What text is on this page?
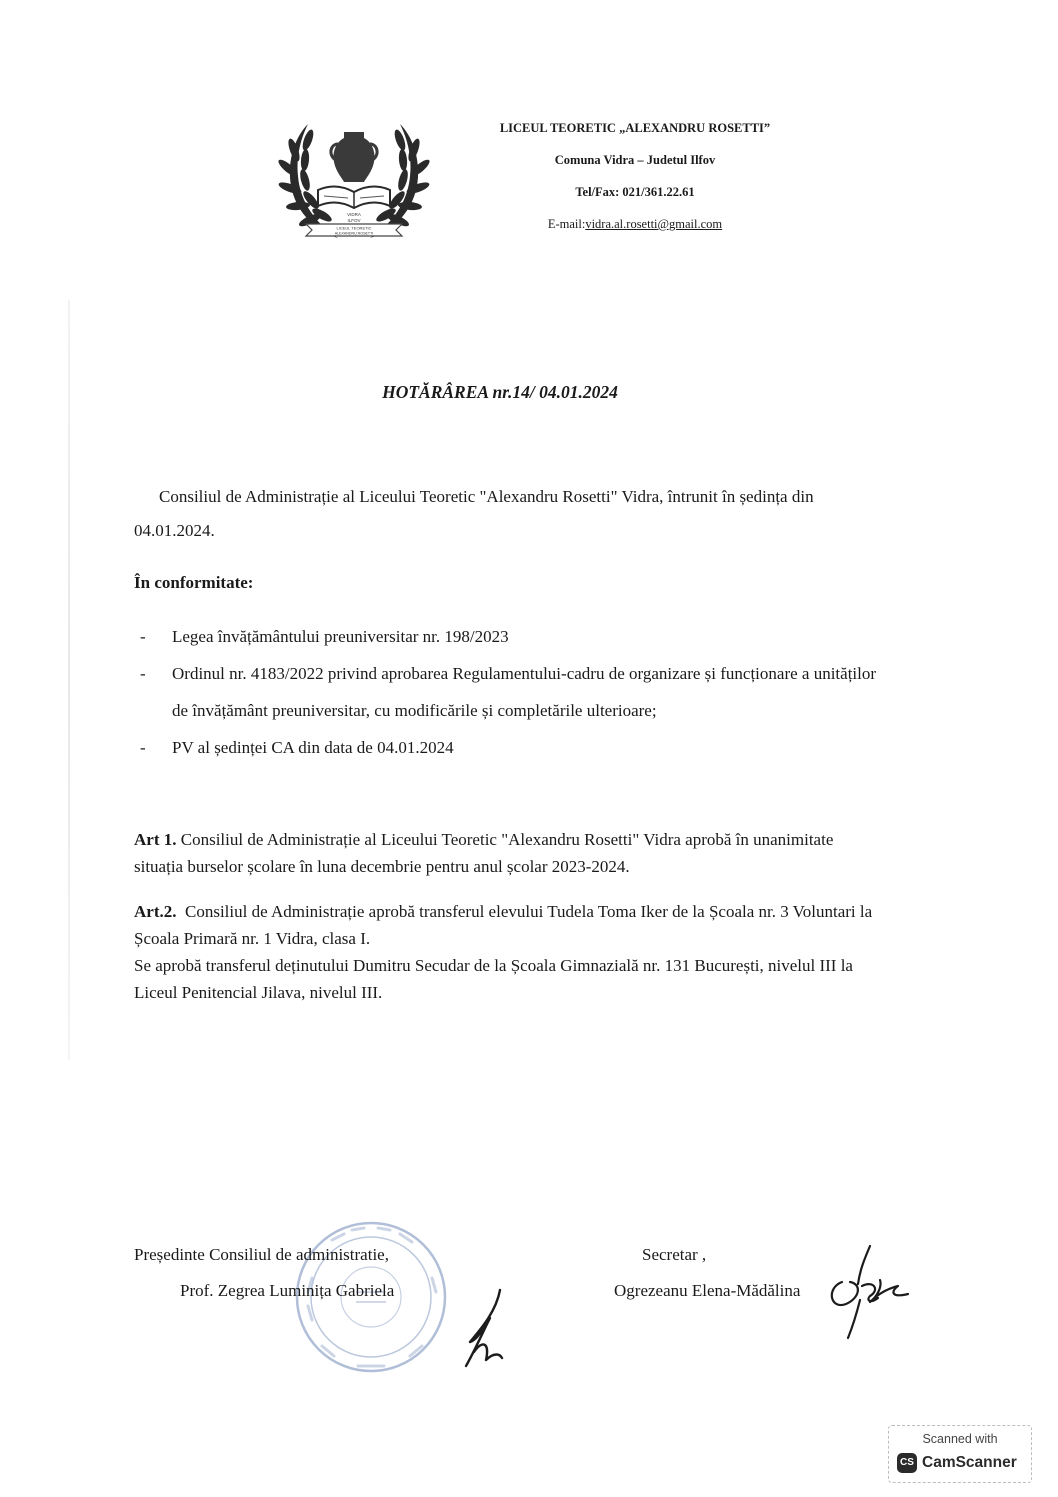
VIDRA
ILFOV
LICEUL TEORETIC
ALEXANDRU ROSETTI
LICEUL TEORETIC „ALEXANDRU ROSETTI”
Comuna Vidra – Judetul Ilfov
Tel/Fax: 021/361.22.61
E-mail:vidra.al.rosetti@gmail.com
HOTĂRÂREA nr.14/ 04.01.2024
Consiliul de Administrație al Liceului Teoretic "Alexandru Rosetti" Vidra, întrunit în ședința din 04.01.2024.
În conformitate:
- Legea învățământului preuniversitar nr. 198/2023
- Ordinul nr. 4183/2022 privind aprobarea Regulamentului-cadru de organizare și funcționare a unităților de învățământ preuniversitar, cu modificările și completările ulterioare;
- PV al ședinței CA din data de 04.01.2024
Art 1. Consiliul de Administrație al Liceului Teoretic "Alexandru Rosetti" Vidra aprobă în unanimitate situația burselor școlare în luna decembrie pentru anul școlar 2023-2024.
Art.2. Consiliul de Administrație aprobă transferul elevului Tudela Toma Iker de la Școala nr. 3 Voluntari la Școala Primară nr. 1 Vidra, clasa I.
Se aprobă transferul deținutului Dumitru Secudar de la Școala Gimnazială nr. 131 București, nivelul III la Liceul Penitencial Jilava, nivelul III.
Președinte Consiliul de administratie,
Prof. Zegrea Luminița Gabriela
Secretar ,
Ogrezeanu Elena-Mădălina
Scanned with
CS CamScanner
